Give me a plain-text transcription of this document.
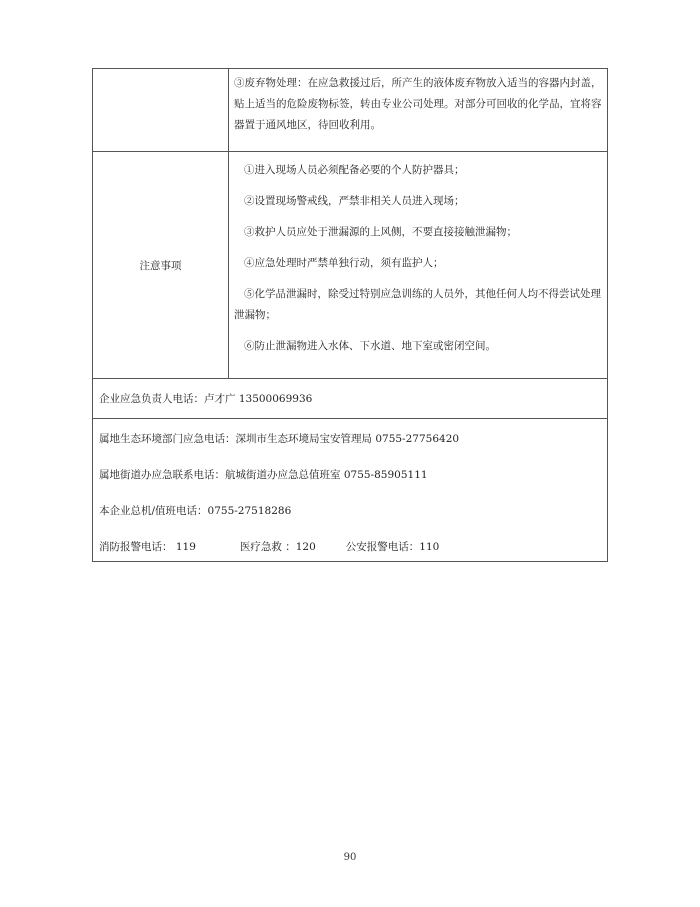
③废弃物处理：在应急救援过后，所产生的液体废弃物放入适当的容器内封盖，贴上适当的危险废物标签，转由专业公司处理。对部分可回收的化学品，宜将容器置于通风地区，待回收利用。
注意事项

①进入现场人员必须配备必要的个人防护器具；

②设置现场警戒线，严禁非相关人员进入现场；

③救护人员应处于泄漏源的上风侧，不要直接接触泄漏物；

④应急处理时严禁单独行动，须有监护人；

⑤化学品泄漏时，除受过特别应急训练的人员外，其他任何人均不得尝试处理泄漏物；

⑥防止泄漏物进入水体、下水道、地下室或密闭空间。

企业应急负责人电话：卢才广 13500069936
属地生态环境部门应急电话：深圳市生态环境局宝安管理局 0755-27756420
属地街道办应急联系电话：航城街道办应急总值班室 0755-85905111
本企业总机/值班电话：0755-27518286
消防报警电话： 119	医疗急救 ：120	公安报警电话：110
90
